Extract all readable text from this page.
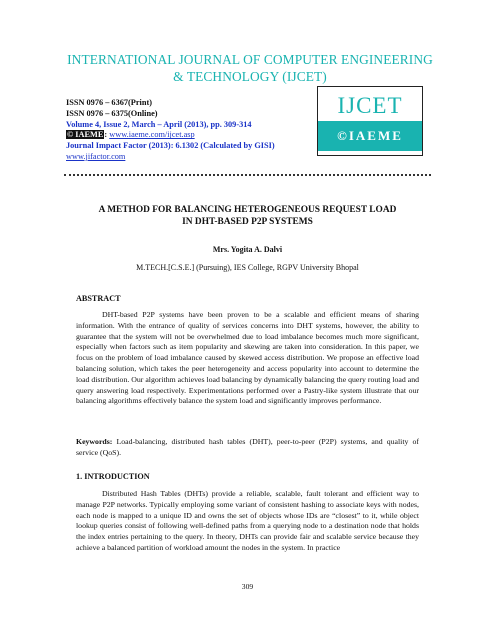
INTERNATIONAL JOURNAL OF COMPUTER ENGINEERING
& TECHNOLOGY (IJCET)
ISSN 0976 – 6367(Print)
ISSN 0976 – 6375(Online)
Volume 4, Issue 2, March – April (2013), pp. 309-314
© IAEME: www.iaeme.com/ijcet.asp
Journal Impact Factor (2013): 6.1302 (Calculated by GISI)
www.jifactor.com
IJCET
©IAEME
A METHOD FOR BALANCING HETEROGENEOUS REQUEST LOAD
IN DHT-BASED P2P SYSTEMS
Mrs. Yogita A. Dalvi
M.TECH.[C.S.E.] (Pursuing), IES College, RGPV University Bhopal
ABSTRACT

DHT-based P2P systems have been proven to be a scalable and efficient means of sharing information. With the entrance of quality of services concerns into DHT systems, however, the ability to guarantee that the system will not be overwhelmed due to load imbalance becomes much more significant, especially when factors such as item popularity and skewing are taken into consideration. In this paper, we focus on the problem of load imbalance caused by skewed access distribution. We propose an effective load balancing solution, which takes the peer heterogeneity and access popularity into account to determine the load distribution. Our algorithm achieves load balancing by dynamically balancing the query routing load and query answering load respectively. Experimentations performed over a Pastry-like system illustrate that our balancing algorithms effectively balance the system load and significantly improves performance.

Keywords: Load-balancing, distributed hash tables (DHT), peer-to-peer (P2P) systems, and quality of service (QoS).

1. INTRODUCTION

Distributed Hash Tables (DHTs) provide a reliable, scalable, fault tolerant and efficient way to manage P2P networks. Typically employing some variant of consistent hashing to associate keys with nodes, each node is mapped to a unique ID and owns the set of objects whose IDs are “closest” to it, while object lookup queries consist of following well-defined paths from a querying node to a destination node that holds the index entries pertaining to the query. In theory, DHTs can provide fair and scalable service because they achieve a balanced partition of workload amount the nodes in the system. In practice

309
